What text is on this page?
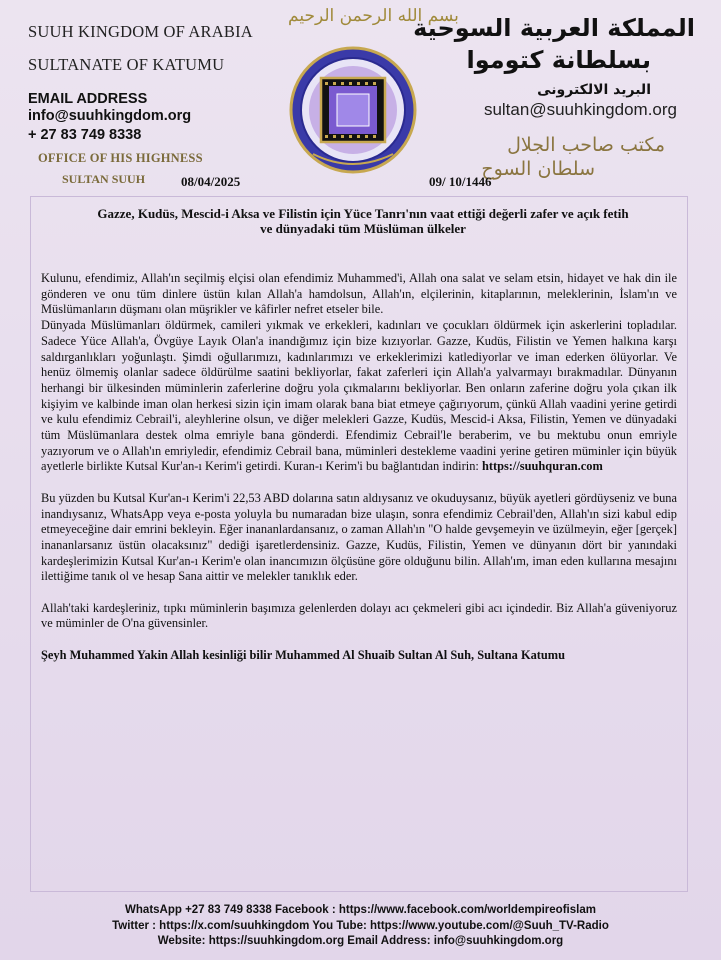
SUUH KINGDOM OF ARABIA
SULTANATE OF KATUMU
EMAIL ADDRESS
info@suuhkingdom.org
+ 27 83 749 8338
OFFICE OF HIS HIGHNESS
SULTAN SUUH
بسم الله الرحمن الرحيم
المملكة العربية السوحية
بسلطانة كتوموا
البريد الالكترونى
sultan@suuhkingdom.org
مكتب صاحب الجلال
سلطان السوح
08/04/2025	09/ 10/1446
Gazze, Kudüs, Mescid-i Aksa ve Filistin için Yüce Tanrı'nın vaat ettiği değerli zafer ve açık fetih
ve dünyadaki tüm Müslüman ülkeler

Kulunu, efendimiz, Allah'ın seçilmiş elçisi olan efendimiz Muhammed'i, Allah ona salat ve selam etsin, hidayet ve hak din ile gönderen ve onu tüm dinlere üstün kılan Allah'a hamdolsun, Allah'ın, elçilerinin, kitaplarının, meleklerinin, İslam'ın ve Müslümanların düşmanı olan müşrikler ve kâfirler nefret etseler bile.

Dünyada Müslümanları öldürmek, camileri yıkmak ve erkekleri, kadınları ve çocukları öldürmek için askerlerini topladılar. Sadece Yüce Allah'a, Övgüye Layık Olan'a inandığımız için bize kızıyorlar. Gazze, Kudüs, Filistin ve Yemen halkına karşı saldırganlıkları yoğunlaştı. Şimdi oğullarımızı, kadınlarımızı ve erkeklerimizi katlediyorlar ve iman ederken ölüyorlar. Ve henüz ölmemiş olanlar sadece öldürülme saatini bekliyorlar, fakat zaferleri için Allah'a yalvarmayı bırakmadılar. Dünyanın herhangi bir ülkesinden müminlerin zaferlerine doğru yola çıkmalarını bekliyorlar. Ben onların zaferine doğru yola çıkan ilk kişiyim ve kalbinde iman olan herkesi sizin için imam olarak bana biat etmeye çağırıyorum, çünkü Allah vaadini yerine getirdi ve kulu efendimiz Cebrail'i, aleyhlerine olsun, ve diğer melekleri Gazze, Kudüs, Mescid-i Aksa, Filistin, Yemen ve dünyadaki tüm Müslümanlara destek olma emriyle bana gönderdi. Efendimiz Cebrail'le beraberim, ve bu mektubu onun emriyle yazıyorum ve o Allah'ın emriyledir, efendimiz Cebrail bana, müminleri destekleme vaadini yerine getiren müminler için büyük ayetlerle birlikte Kutsal Kur'an-ı Kerim'i getirdi. Kuran-ı Kerim'i bu bağlantıdan indirin: https://suuhquran.com

Bu yüzden bu Kutsal Kur'an-ı Kerim'i 22,53 ABD dolarına satın aldıysanız ve okuduysanız, büyük ayetleri gördüyseniz ve buna inandıysanız, WhatsApp veya e-posta yoluyla bu numaradan bize ulaşın, sonra efendimiz Cebrail'den, Allah'ın sizi kabul edip etmeyeceğine dair emrini bekleyin. Eğer inananlardansanız, o zaman Allah'ın "O halde gevşemeyin ve üzülmeyin, eğer [gerçek] inananlarsanız üstün olacaksınız" dediği işaretlerdensiniz. Gazze, Kudüs, Filistin, Yemen ve dünyanın dört bir yanındaki kardeşlerimizin Kutsal Kur'an-ı Kerim'e olan inancımızın ölçüsüne göre olduğunu bilin. Allah'ım, iman eden kullarına mesajını ilettiğime tanık ol ve hesap Sana aittir ve melekler tanıklık eder.

Allah'taki kardeşleriniz, tıpkı müminlerin başımıza gelenlerden dolayı acı çekmeleri gibi acı içindedir. Biz Allah'a güveniyoruz ve müminler de O'na güvensinler.

Şeyh Muhammed Yakin Allah kesinliği bilir Muhammed Al Shuaib Sultan Al Suh, Sultana Katumu

WhatsApp +27 83 749 8338 Facebook : https://www.facebook.com/worldempireofislam
Twitter : https://x.com/suuhkingdom You Tube: https://www.youtube.com/@Suuh_TV-Radio
Website: https://suuhkingdom.org Email Address: info@suuhkingdom.org
